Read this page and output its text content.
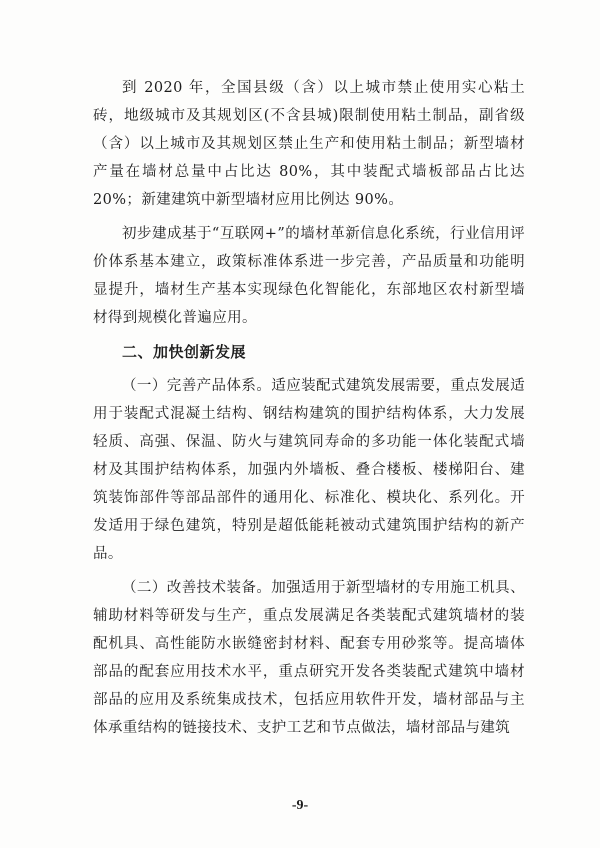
到 2020 年，全国县级（含）以上城市禁止使用实心粘土砖，地级城市及其规划区(不含县城)限制使用粘土制品，副省级（含）以上城市及其规划区禁止生产和使用粘土制品；新型墙材产量在墙材总量中占比达 80%，其中装配式墙板部品占比达 20%；新建建筑中新型墙材应用比例达 90%。

初步建成基于“互联网+”的墙材革新信息化系统，行业信用评价体系基本建立，政策标准体系进一步完善，产品质量和功能明显提升，墙材生产基本实现绿色化智能化，东部地区农村新型墙材得到规模化普遍应用。

二、加快创新发展

（一）完善产品体系。适应装配式建筑发展需要，重点发展适用于装配式混凝土结构、钢结构建筑的围护结构体系，大力发展轻质、高强、保温、防火与建筑同寿命的多功能一体化装配式墙材及其围护结构体系，加强内外墙板、叠合楼板、楼梯阳台、建筑装饰部件等部品部件的通用化、标准化、模块化、系列化。开发适用于绿色建筑，特别是超低能耗被动式建筑围护结构的新产品。

（二）改善技术装备。加强适用于新型墙材的专用施工机具、辅助材料等研发与生产，重点发展满足各类装配式建筑墙材的装配机具、高性能防水嵌缝密封材料、配套专用砂浆等。提高墙体部品的配套应用技术水平，重点研究开发各类装配式建筑中墙材部品的应用及系统集成技术，包括应用软件开发，墙材部品与主体承重结构的链接技术、支护工艺和节点做法，墙材部品与建筑

-9-
